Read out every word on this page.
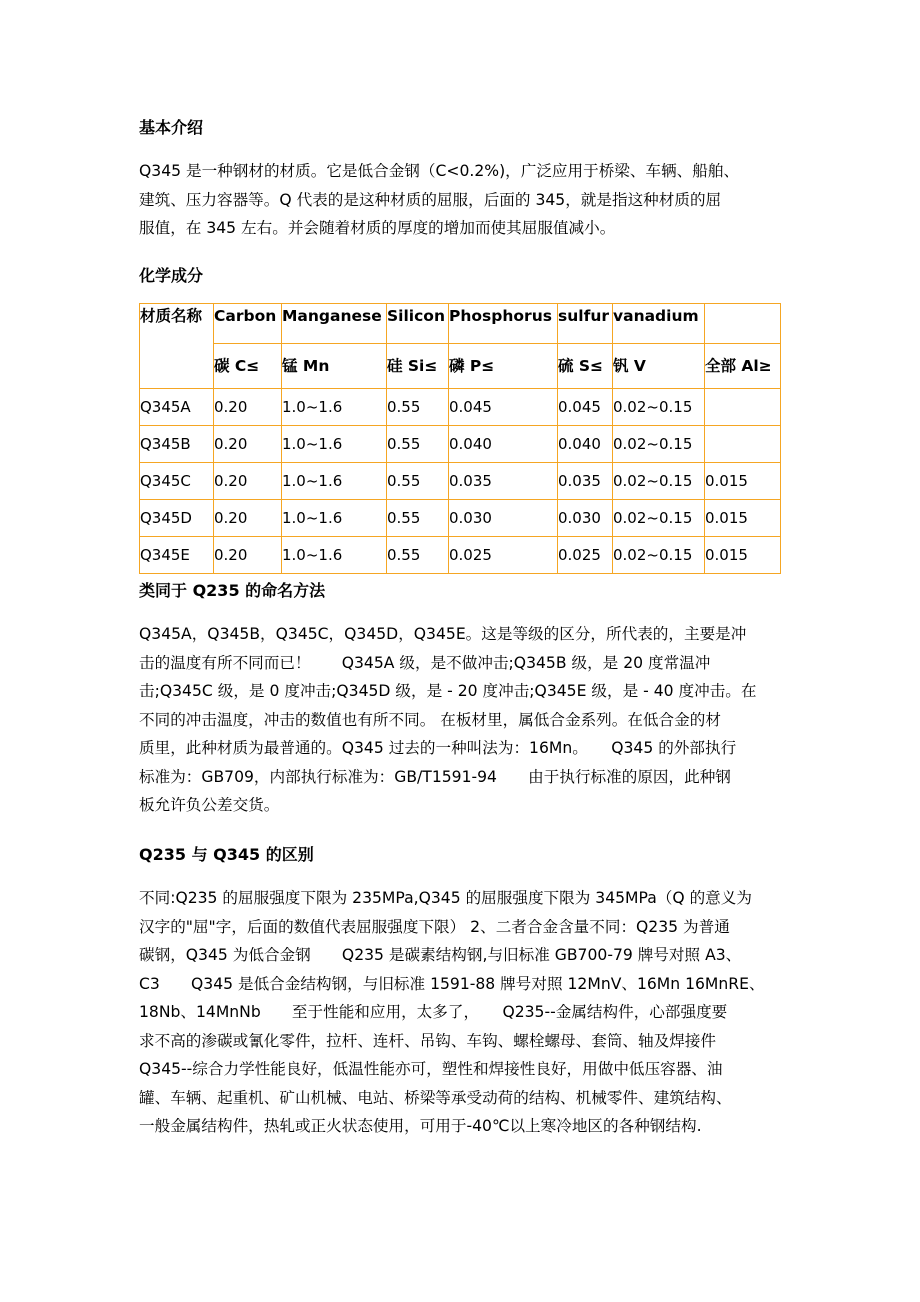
基本介绍
Q345 是一种钢材的材质。它是低合金钢（C<0.2%)，广泛应用于桥梁、车辆、船舶、
建筑、压力容器等。Q 代表的是这种材质的屈服，后面的 345，就是指这种材质的屈
服值，在 345 左右。并会随着材质的厚度的增加而使其屈服值减小。
化学成分
材质名称	Carbon	Manganese	Silicon	Phosphorus	sulfur	vanadium	
	碳 C≤	锰 Mn	硅 Si≤	磷 P≤	硫 S≤	钒 V	全部 Al≥
Q345A	0.20	1.0~1.6	0.55	0.045	0.045	0.02~0.15	
Q345B	0.20	1.0~1.6	0.55	0.040	0.040	0.02~0.15	
Q345C	0.20	1.0~1.6	0.55	0.035	0.035	0.02~0.15	0.015
Q345D	0.20	1.0~1.6	0.55	0.030	0.030	0.02~0.15	0.015
Q345E	0.20	1.0~1.6	0.55	0.025	0.025	0.02~0.15	0.015
类同于 Q235 的命名方法
Q345A，Q345B，Q345C，Q345D，Q345E。这是等级的区分，所代表的，主要是冲
击的温度有所不同而已！　　Q345A 级，是不做冲击;Q345B 级，是 20 度常温冲
击;Q345C 级，是 0 度冲击;Q345D 级，是 - 20 度冲击;Q345E 级，是 - 40 度冲击。在
不同的冲击温度，冲击的数值也有所不同。 在板材里，属低合金系列。在低合金的材
质里，此种材质为最普通的。Q345 过去的一种叫法为：16Mn。　　Q345 的外部执行
标准为：GB709，内部执行标准为：GB/T1591-94　　由于执行标准的原因，此种钢
板允许负公差交货。
Q235 与 Q345 的区别
不同:Q235 的屈服强度下限为 235MPa,Q345 的屈服强度下限为 345MPa（Q 的意义为
汉字的"屈"字，后面的数值代表屈服强度下限） 2、二者合金含量不同：Q235 为普通
碳钢，Q345 为低合金钢　　Q235 是碳素结构钢,与旧标准 GB700-79 牌号对照 A3、
C3　　Q345 是低合金结构钢，与旧标准 1591-88 牌号对照 12MnV、16Mn 16MnRE、
18Nb、14MnNb　　至于性能和应用，太多了，　　Q235--金属结构件，心部强度要
求不高的渗碳或氰化零件，拉杆、连杆、吊钩、车钩、螺栓螺母、套筒、轴及焊接件
Q345--综合力学性能良好，低温性能亦可，塑性和焊接性良好，用做中低压容器、油
罐、车辆、起重机、矿山机械、电站、桥梁等承受动荷的结构、机械零件、建筑结构、
一般金属结构件，热轧或正火状态使用，可用于-40℃以上寒冷地区的各种钢结构.
